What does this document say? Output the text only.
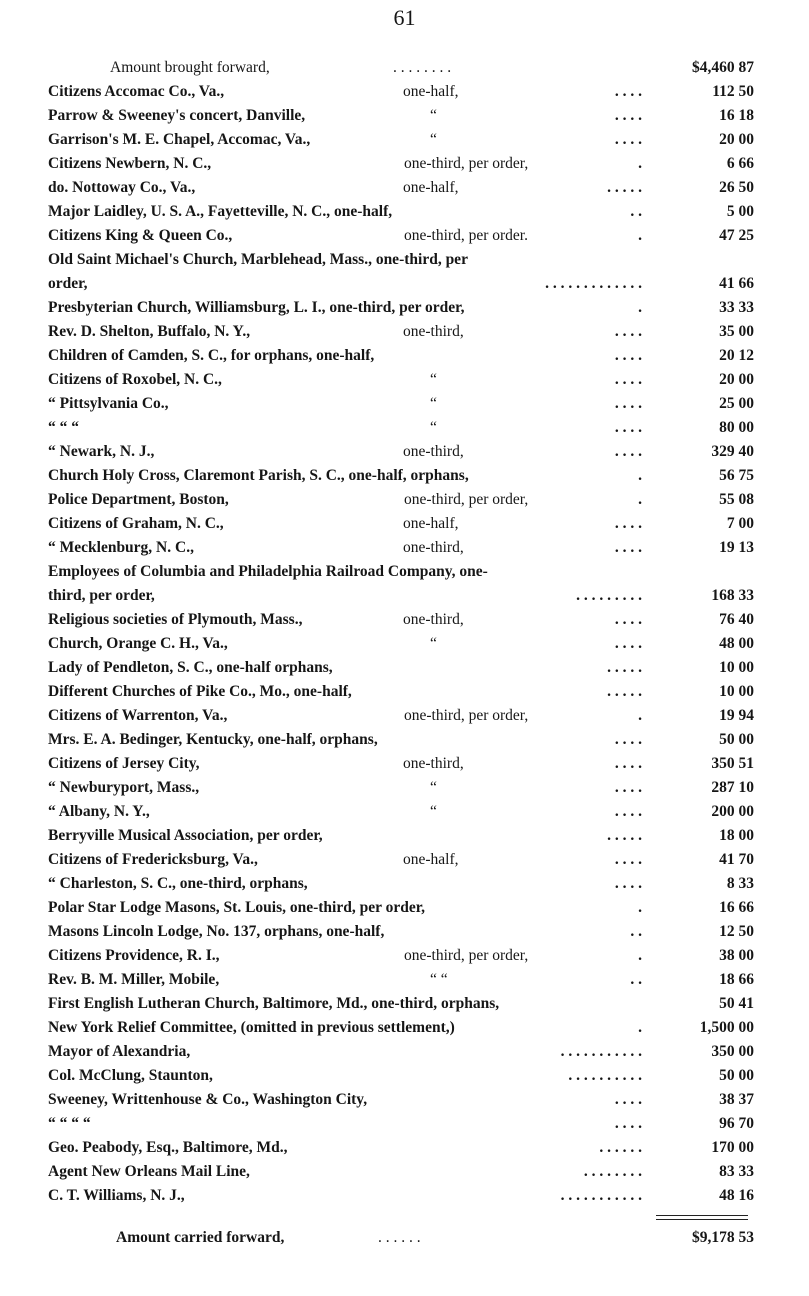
61
Amount brought forward,	. . . . . . . .	$4,460 87
Citizens Accomac Co., Va.,	one-half,	. . . .	112 50
Parrow & Sweeney's concert, Danville,	“	. . . .	16 18
Garrison's M. E. Chapel, Accomac, Va.,	“	. . . .	20 00
Citizens Newbern, N. C.,	one-third, per order,	.	6 66
do. Nottoway Co., Va.,	one-half,	. . . . .	26 50
Major Laidley, U. S. A., Fayetteville, N. C., one-half,	. .	5 00
Citizens King & Queen Co.,	one-third, per order.	.	47 25
Old Saint Michael's Church, Marblehead, Mass., one-third, per
order,	. . . . . . . . . . . . .	41 66
Presbyterian Church, Williamsburg, L. I., one-third, per order,	.	33 33
Rev. D. Shelton, Buffalo, N. Y.,	one-third,	. . . .	35 00
Children of Camden, S. C., for orphans, one-half,	. . . .	20 12
Citizens of Roxobel, N. C.,	“	. . . .	20 00
“ Pittsylvania Co.,	“	. . . .	25 00
“ “ “	“	. . . .	80 00
“ Newark, N. J.,	one-third,	. . . .	329 40
Church Holy Cross, Claremont Parish, S. C., one-half, orphans,	.	56 75
Police Department, Boston,	one-third, per order,	.	55 08
Citizens of Graham, N. C.,	one-half,	. . . .	7 00
“ Mecklenburg, N. C.,	one-third,	. . . .	19 13
Employees of Columbia and Philadelphia Railroad Company, one-
third, per order,	. . . . . . . . .	168 33
Religious societies of Plymouth, Mass.,	one-third,	. . . .	76 40
Church, Orange C. H., Va.,	“	. . . .	48 00
Lady of Pendleton, S. C., one-half orphans,	. . . . .	10 00
Different Churches of Pike Co., Mo., one-half,	. . . . .	10 00
Citizens of Warrenton, Va.,	one-third, per order,	.	19 94
Mrs. E. A. Bedinger, Kentucky, one-half, orphans,	. . . .	50 00
Citizens of Jersey City,	one-third,	. . . .	350 51
“ Newburyport, Mass.,	“	. . . .	287 10
“ Albany, N. Y.,	“	. . . .	200 00
Berryville Musical Association, per order,	. . . . .	18 00
Citizens of Fredericksburg, Va.,	one-half,	. . . .	41 70
“ Charleston, S. C., one-third, orphans,	. . . .	8 33
Polar Star Lodge Masons, St. Louis, one-third, per order,	.	16 66
Masons Lincoln Lodge, No. 137, orphans, one-half,	. .	12 50
Citizens Providence, R. I.,	one-third, per order,	.	38 00
Rev. B. M. Miller, Mobile,	“ “	. .	18 66
First English Lutheran Church, Baltimore, Md., one-third, orphans,	50 41
New York Relief Committee, (omitted in previous settlement,)	.	1,500 00
Mayor of Alexandria,	. . . . . . . . . . .	350 00
Col. McClung, Staunton,	. . . . . . . . . .	50 00
Sweeney, Writtenhouse & Co., Washington City,	. . . .	38 37
“ “ “ “	. . . .	96 70
Geo. Peabody, Esq., Baltimore, Md.,	. . . . . .	170 00
Agent New Orleans Mail Line,	. . . . . . . .	83 33
C. T. Williams, N. J.,	. . . . . . . . . . .	48 16
Amount carried forward,	. . . . . .	$9,178 53
